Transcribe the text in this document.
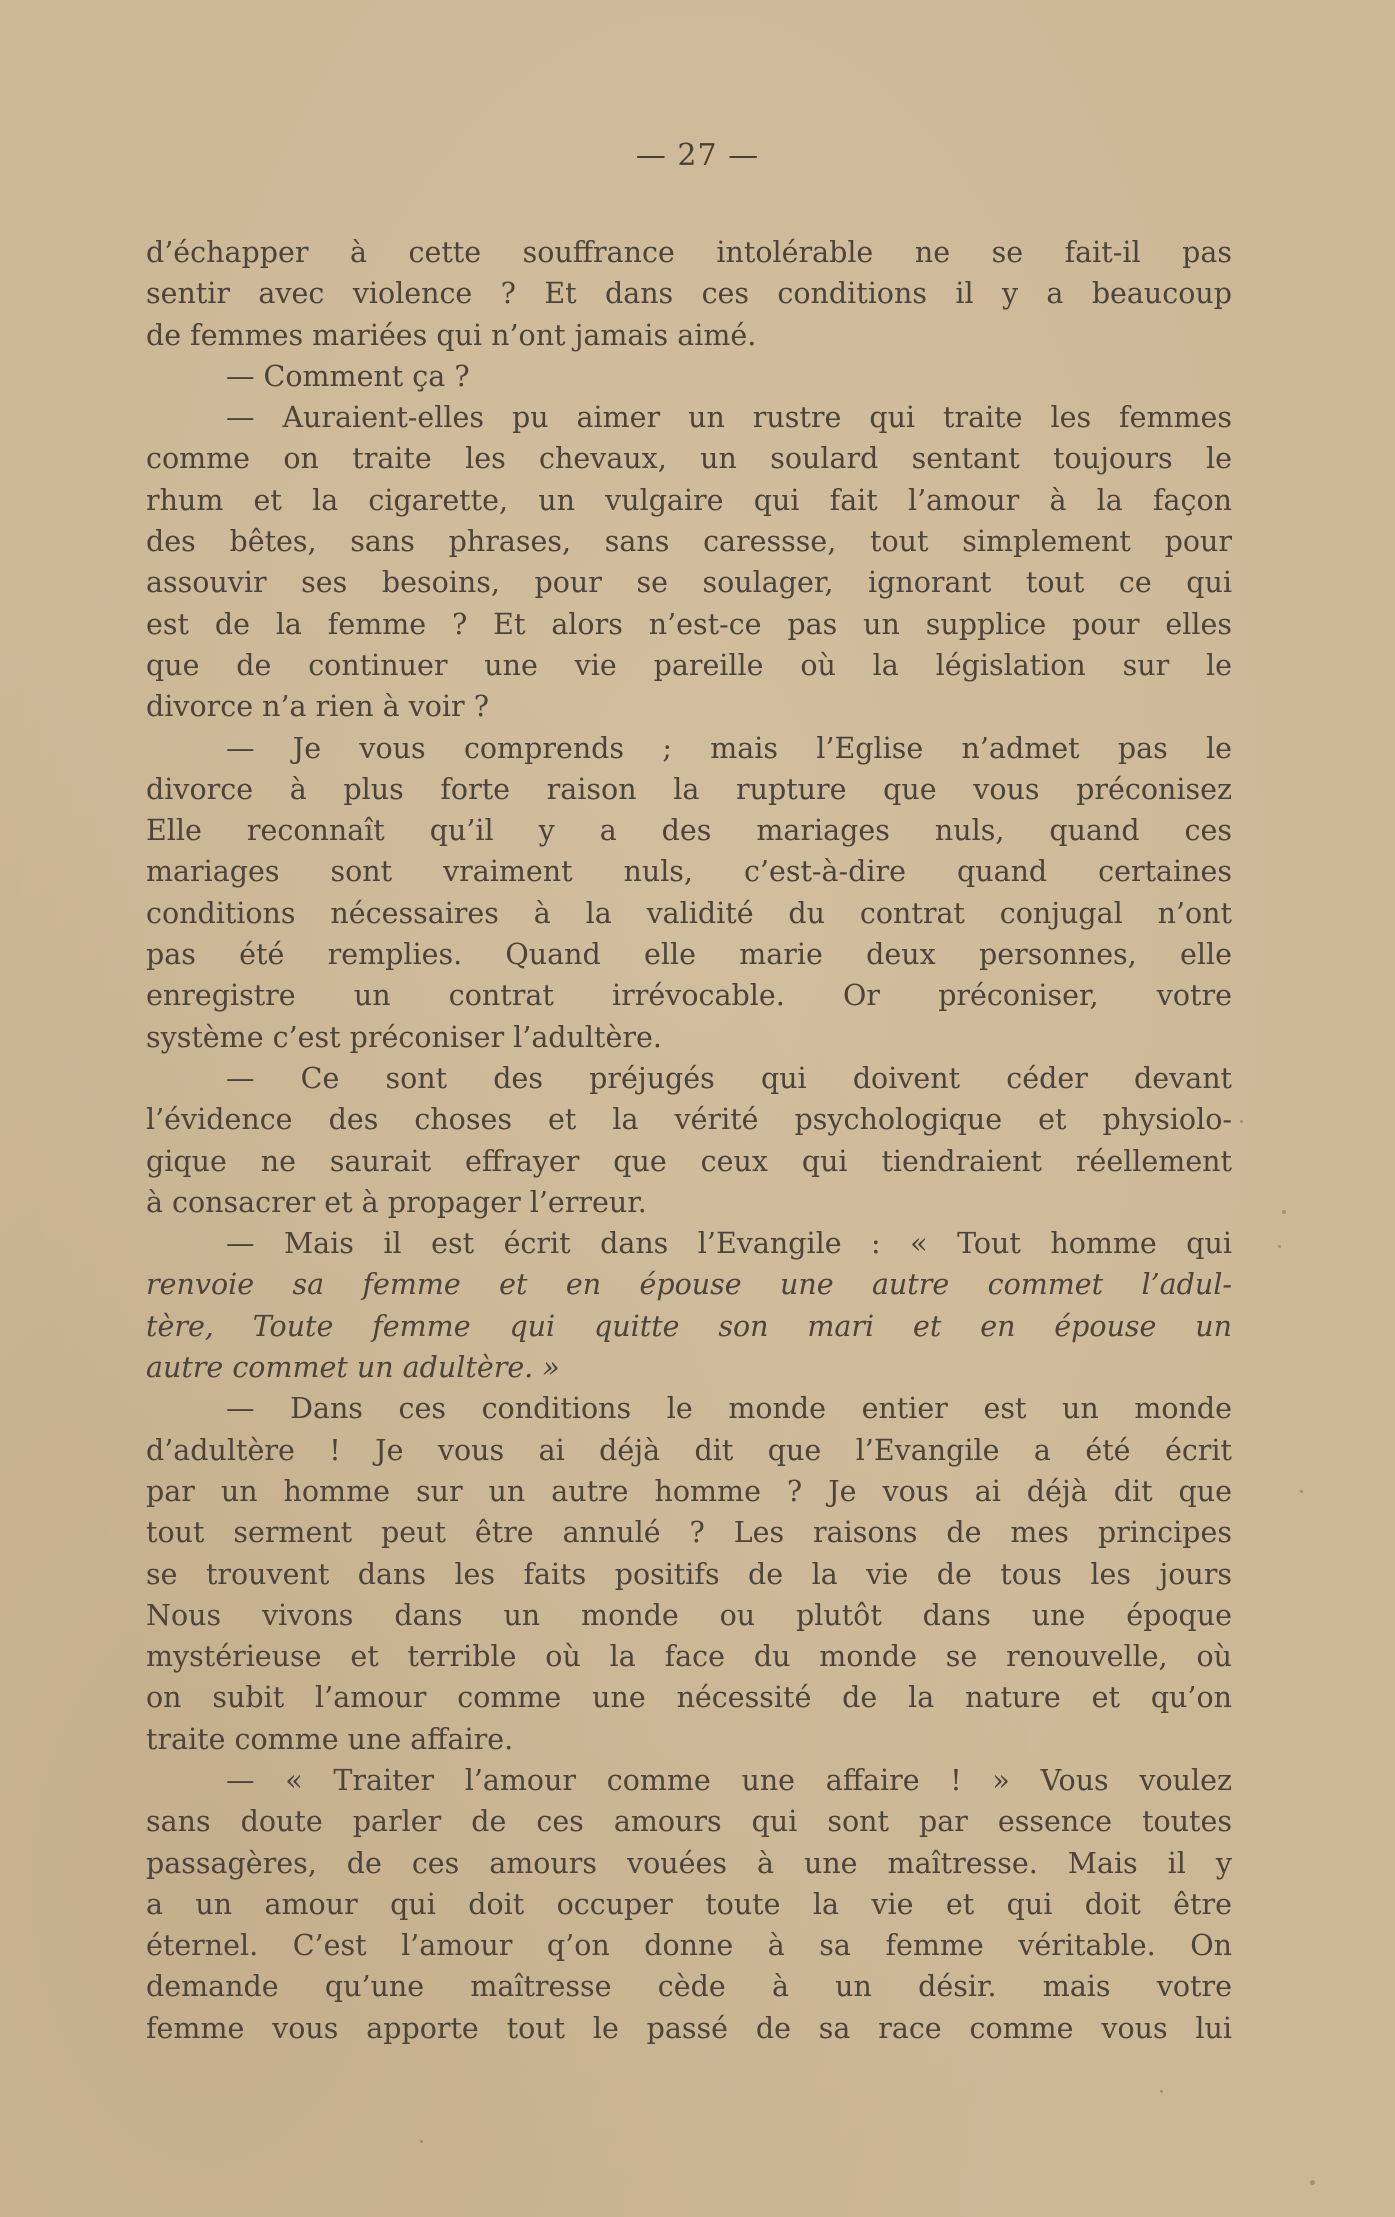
— 27 —
d’échapper à cette souffrance intolérable ne se fait-il pas
sentir avec violence ? Et dans ces conditions il y a beaucoup
de femmes mariées qui n’ont jamais aimé.
— Comment ça ?
— Auraient-elles pu aimer un rustre qui traite les femmes
comme on traite les chevaux, un soulard sentant toujours le
rhum et la cigarette, un vulgaire qui fait l’amour à la façon
des bêtes, sans phrases, sans caressse, tout simplement pour
assouvir ses besoins, pour se soulager, ignorant tout ce qui
est de la femme ? Et alors n’est-ce pas un supplice pour elles
que de continuer une vie pareille où la législation sur le
divorce n’a rien à voir ?
— Je vous comprends ; mais l’Eglise n’admet pas le
divorce à plus forte raison la rupture que vous préconisez
Elle reconnaît qu’il y a des mariages nuls, quand ces
mariages sont vraiment nuls, c’est-à-dire quand certaines
conditions nécessaires à la validité du contrat conjugal n’ont
pas été remplies. Quand elle marie deux personnes, elle
enregistre un contrat irrévocable. Or préconiser, votre
système c’est préconiser l’adultère.
— Ce sont des préjugés qui doivent céder devant
l’évidence des choses et la vérité psychologique et physiolo-
gique ne saurait effrayer que ceux qui tiendraient réellement
à consacrer et à propager l’erreur.
— Mais il est écrit dans l’Evangile : « Tout homme qui
renvoie sa femme et en épouse une autre commet l’adul-
tère, Toute femme qui quitte son mari et en épouse un
autre commet un adultère. »
— Dans ces conditions le monde entier est un monde
d’adultère ! Je vous ai déjà dit que l’Evangile a été écrit
par un homme sur un autre homme ? Je vous ai déjà dit que
tout serment peut être annulé ? Les raisons de mes principes
se trouvent dans les faits positifs de la vie de tous les jours
Nous vivons dans un monde ou plutôt dans une époque
mystérieuse et terrible où la face du monde se renouvelle, où
on subit l’amour comme une nécessité de la nature et qu’on
traite comme une affaire.
— « Traiter l’amour comme une affaire ! » Vous voulez
sans doute parler de ces amours qui sont par essence toutes
passagères, de ces amours vouées à une maîtresse. Mais il y
a un amour qui doit occuper toute la vie et qui doit être
éternel. C’est l’amour q’on donne à sa femme véritable. On
demande qu’une maîtresse cède à un désir. mais votre
femme vous apporte tout le passé de sa race comme vous lui
